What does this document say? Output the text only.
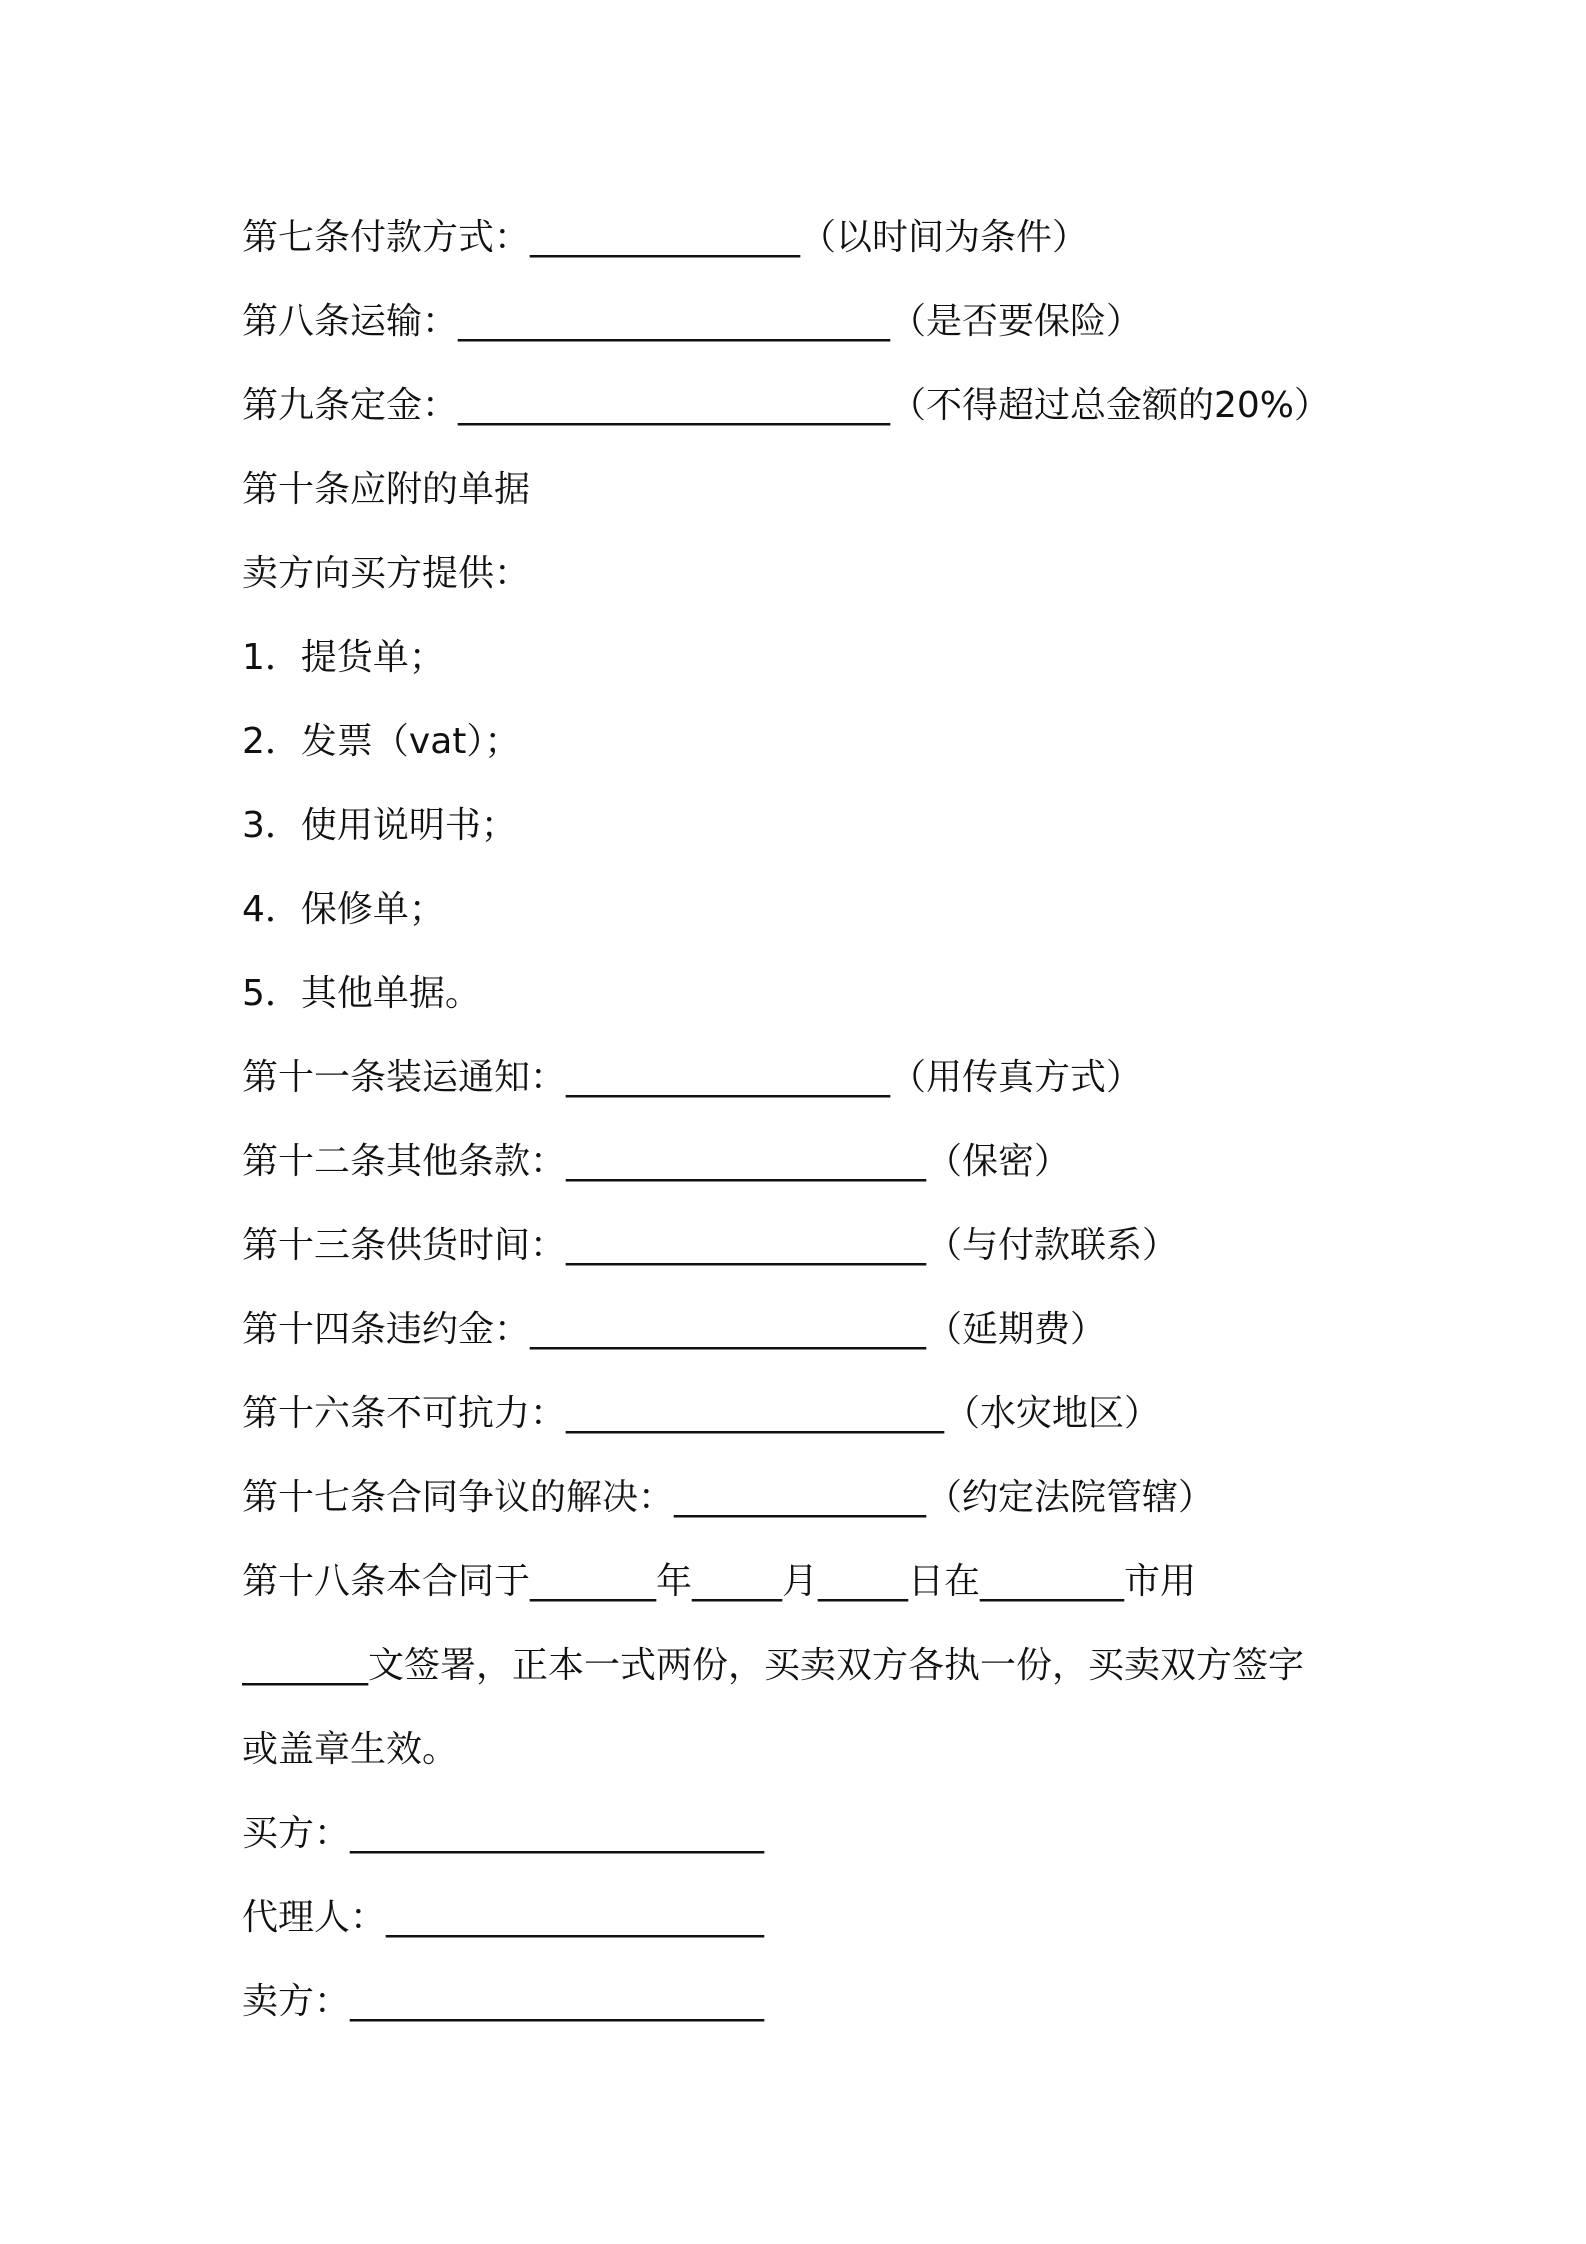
第七条付款方式：_______________（以时间为条件）
第八条运输：________________________（是否要保险）
第九条定金：________________________（不得超过总金额的20%）
第十条应附的单据
卖方向买方提供：
1．提货单；
2．发票（vat）；
3．使用说明书；
4．保修单；
5．其他单据。
第十一条装运通知：__________________（用传真方式）
第十二条其他条款：____________________（保密）
第十三条供货时间：____________________（与付款联系）
第十四条违约金：______________________（延期费）
第十六条不可抗力：_____________________（水灾地区）
第十七条合同争议的解决：______________（约定法院管辖）
第十八条本合同于_______年_____月_____日在________市用
_______文签署，正本一式两份，买卖双方各执一份，买卖双方签字
或盖章生效。
买方：_______________________
代理人：_____________________
卖方：_______________________
